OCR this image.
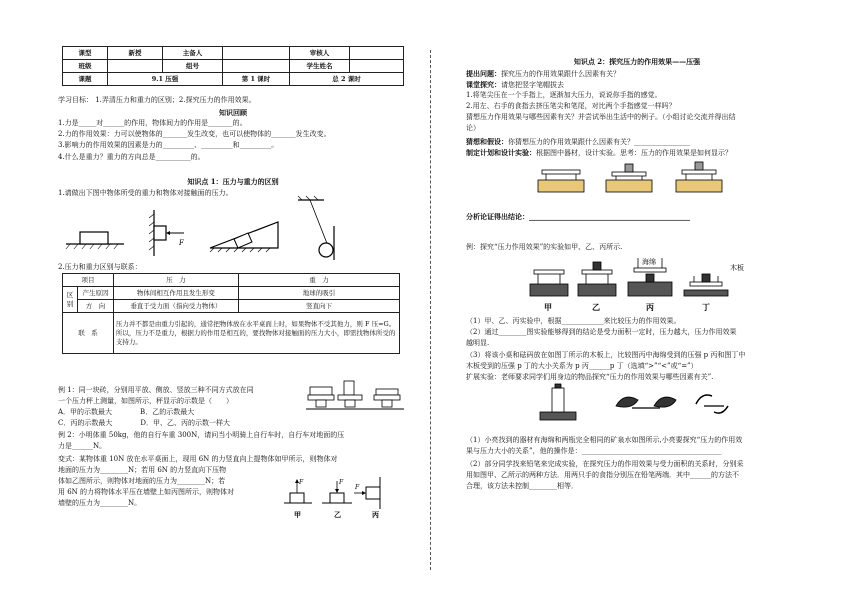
课型	新授	主备人		审核人	
班级		组号		学生姓名	
课题	9.1 压强		第 1 课时	总 2 课时	
学习目标： 1.弄清压力和重力的区别；2.探究压力的作用效果。
知识回顾
1.力是_____对______的作用，物体间力的作用是_______的。
2.力的作用效果：力可以使物体的_______发生改变，也可以使物体的_______发生改变。
3.影响力的作用效果的因素是力的_________、_________和_________。
4.什么是重力？重力的方向总是__________的。
知识点 1：压力与重力的区别
1.请做出下图中物体所受的重力和物体对接触面的压力。
F
2.压力和重力区别与联系：
项目		压　力	重　力
区别	产生原因	物体间相互作用且发生形变	地球的吸引
	方　向	垂直于受力面（指向受力物体）	竖直向下
联　系		压力并不都是由重力引起的，通常把物体放在水平桌面上时，如果物体不受其他力，则 F 压=G。所以，压力不是重力，根据力的作用是相互的，要找物体对接触面的压力大小，即需找物体所受的支持力。	
例 1：同一块砖，分别用平放、侧放、竖放三种不同方式放在同
一个压力秤上测量，如图所示，秤显示的示数是（　　）
A．甲的示数最大　　　　B．乙的示数最大
C．丙的示数最大　　　　D．甲、乙、丙的示数一样大
例 2：小明体重 50kg，他的自行车重 300N，请问当小明骑上自行车时，自行车对地面的压
力是______N。
变式：某物体重 10N 放在水平桌面上，现用 6N 的力竖直向上提物体如甲所示，则物体对
地面的压力为________N；若用 6N 的力竖直向下压物
体如乙图所示，则物体对地面的压力为________N；若
用 6N 的力将物体水平压在墙壁上如丙图所示，则物体对
墙壁的压力为________N。
F
甲
F
乙
F
丙
知识点 2：探究压力的作用效果——压强
提出问题：探究压力的作用效果跟什么因素有关？
课堂探究：请您把竖字笔帽拔去
1.将笔尖压在一个手指上，逐渐加大压力，说说你手指的感觉。
2.用左、右手的食指去挤压笔尖和笔尾，对比两个手指感觉一样吗？
猜想压力作用效果与哪些因素有关？并尝试举出生活中的例子。（小组讨论交流并得出结
论）
猜想和假设：你猜想压力的作用效果跟什么因素有关？________________
制定计划和设计实验：根据图中器材，设计实验。思考：压力的作用效果是如何显示？
分析论证得出结论：______________________________________________
例：探究“压力作用效果”的实验如甲、乙、丙所示.
甲	乙
海绵
丙
木板
丁
（1）甲、乙、丙实验中，根据____________来比较压力的作用效果。
（2）通过________图实验能够得到的结论是受力面积一定时，压力越大，压力作用效果
越明显.
（3）将该小桌和砝码放在如图丁所示的木板上，比较图丙中海绵受到的压强 p 丙和图丁中
木板受到的压强 p 丁的大小关系为 p 丙______p 丁（选填“>”“<”或“=”）
扩展实验：老师要求同学们用身边的物品探究“压力的作用效果与哪些因素有关”.
（1）小亮找到的器材有海绵和两瓶完全相同的矿泉水如图所示,小亮要探究“压力的作用效
果与压力大小的关系”，他的操作是：________________________________________
（2）部分同学找来铅笔来完成实验，在探究压力的作用效果与受力面积的关系时，分别采
用如图甲、乙所示的两种方法．用两只手的食指分别压在铅笔两端．其中______的方法不
合理，该方法未控制________相等．
